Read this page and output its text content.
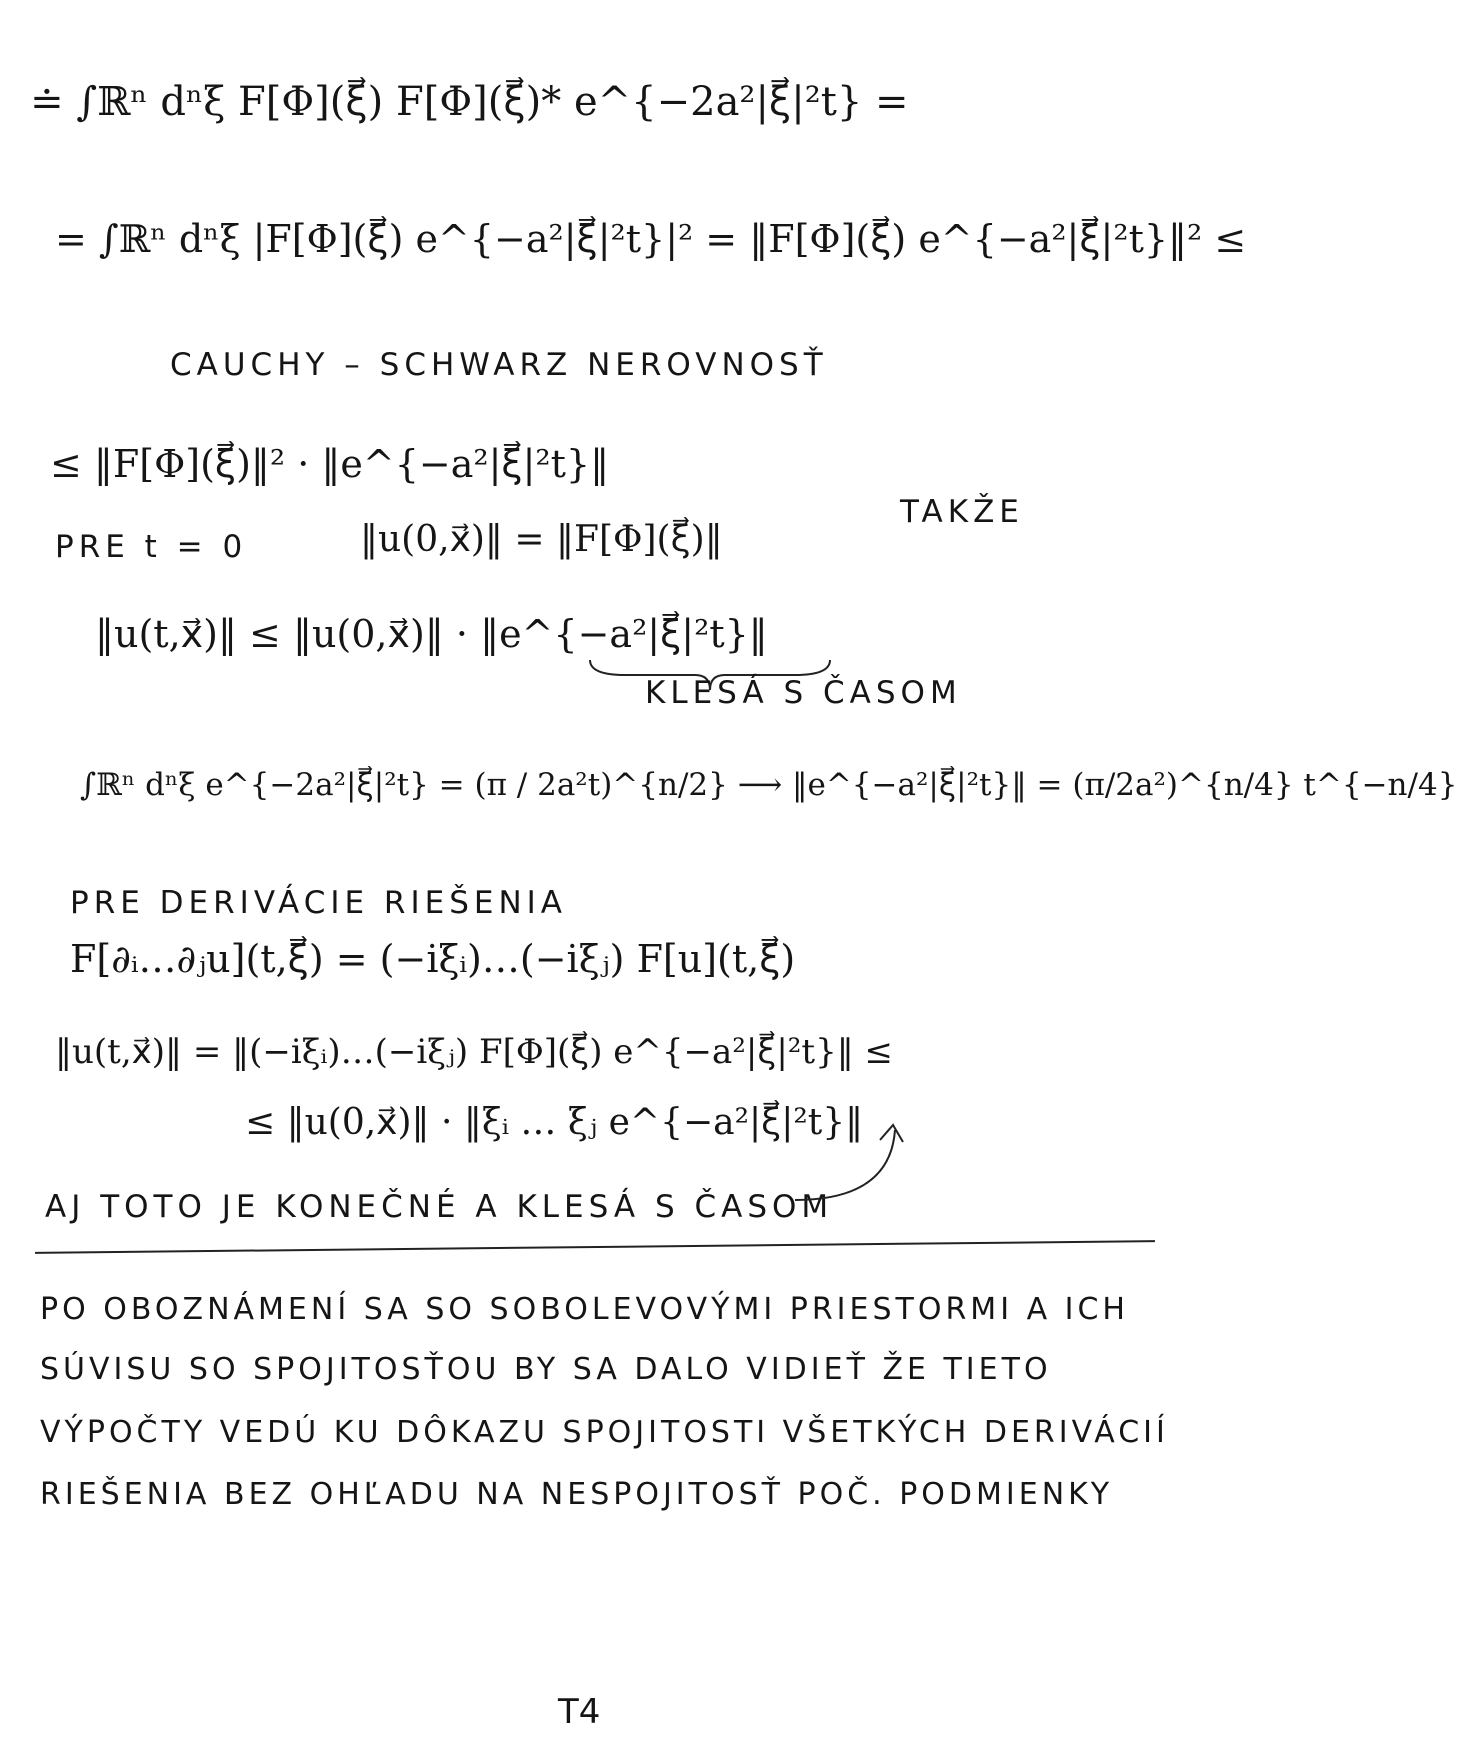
≐ ∫ℝⁿ dⁿξ F[Φ](ξ⃗) F[Φ](ξ⃗)* e^{−2a²|ξ⃗|²t} =
= ∫ℝⁿ dⁿξ |F[Φ](ξ⃗) e^{−a²|ξ⃗|²t}|² = ‖F[Φ](ξ⃗) e^{−a²|ξ⃗|²t}‖² ≤
CAUCHY – SCHWARZ NEROVNOSŤ
≤ ‖F[Φ](ξ⃗)‖² · ‖e^{−a²|ξ⃗|²t}‖
PRE t = 0	‖u(0,x⃗)‖ = ‖F[Φ](ξ⃗)‖
TAKŽE
‖u(t,x⃗)‖ ≤ ‖u(0,x⃗)‖ · ‖e^{−a²|ξ⃗|²t}‖
KLESÁ S ČASOM
∫ℝⁿ dⁿξ e^{−2a²|ξ⃗|²t} = (π / 2a²t)^{n/2} ⟶ ‖e^{−a²|ξ⃗|²t}‖ = (π/2a²)^{n/4} t^{−n/4}
PRE DERIVÁCIE RIEŠENIA
F[∂ᵢ…∂ⱼu](t,ξ⃗) = (−iξᵢ)…(−iξⱼ) F[u](t,ξ⃗)
‖u(t,x⃗)‖ = ‖(−iξᵢ)…(−iξⱼ) F[Φ](ξ⃗) e^{−a²|ξ⃗|²t}‖ ≤
≤ ‖u(0,x⃗)‖ · ‖ξᵢ … ξⱼ e^{−a²|ξ⃗|²t}‖
AJ TOTO JE KONEČNÉ A KLESÁ S ČASOM
PO OBOZNÁMENÍ SA SO SOBOLEVOVÝMI PRIESTORMI A ICH
SÚVISU SO SPOJITOSŤOU BY SA DALO VIDIEŤ ŽE TIETO
VÝPOČTY VEDÚ KU DÔKAZU SPOJITOSTI VŠETKÝCH DERIVÁCIÍ
RIEŠENIA BEZ OHĽADU NA NESPOJITOSŤ POČ. PODMIENKY
T4
